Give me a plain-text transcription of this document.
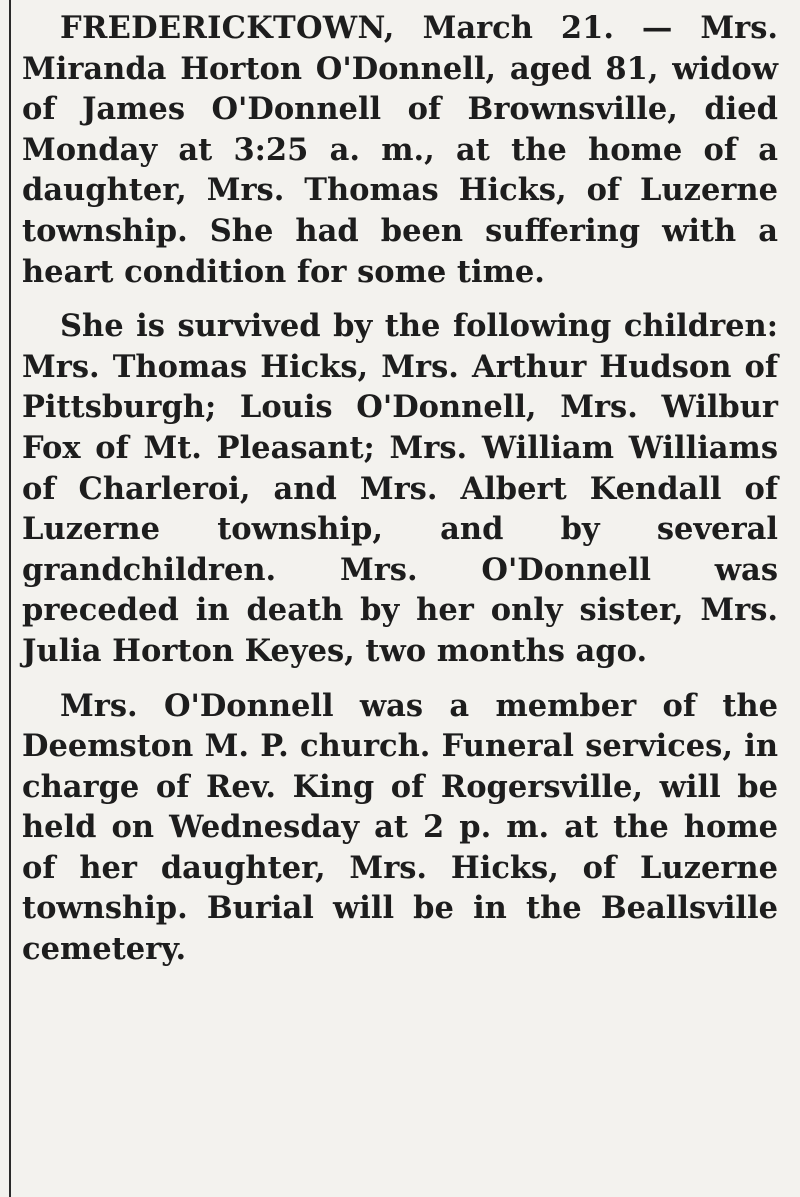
FREDERICKTOWN, March 21. — Mrs. Miranda Horton O'Donnell, aged 81, widow of James O'Donnell of Brownsville, died Monday at 3:25 a. m., at the home of a daughter, Mrs. Thomas Hicks, of Luzerne township. She had been suffering with a heart condition for some time.

She is survived by the following children: Mrs. Thomas Hicks, Mrs. Arthur Hudson of Pittsburgh; Louis O'Donnell, Mrs. Wilbur Fox of Mt. Pleasant; Mrs. William Williams of Charleroi, and Mrs. Albert Kendall of Luzerne township, and by several grandchildren. Mrs. O'Donnell was preceded in death by her only sister, Mrs. Julia Horton Keyes, two months ago.

Mrs. O'Donnell was a member of the Deemston M. P. church. Funeral services, in charge of Rev. King of Rogersville, will be held on Wednesday at 2 p. m. at the home of her daughter, Mrs. Hicks, of Luzerne township. Burial will be in the Beallsville cemetery.
